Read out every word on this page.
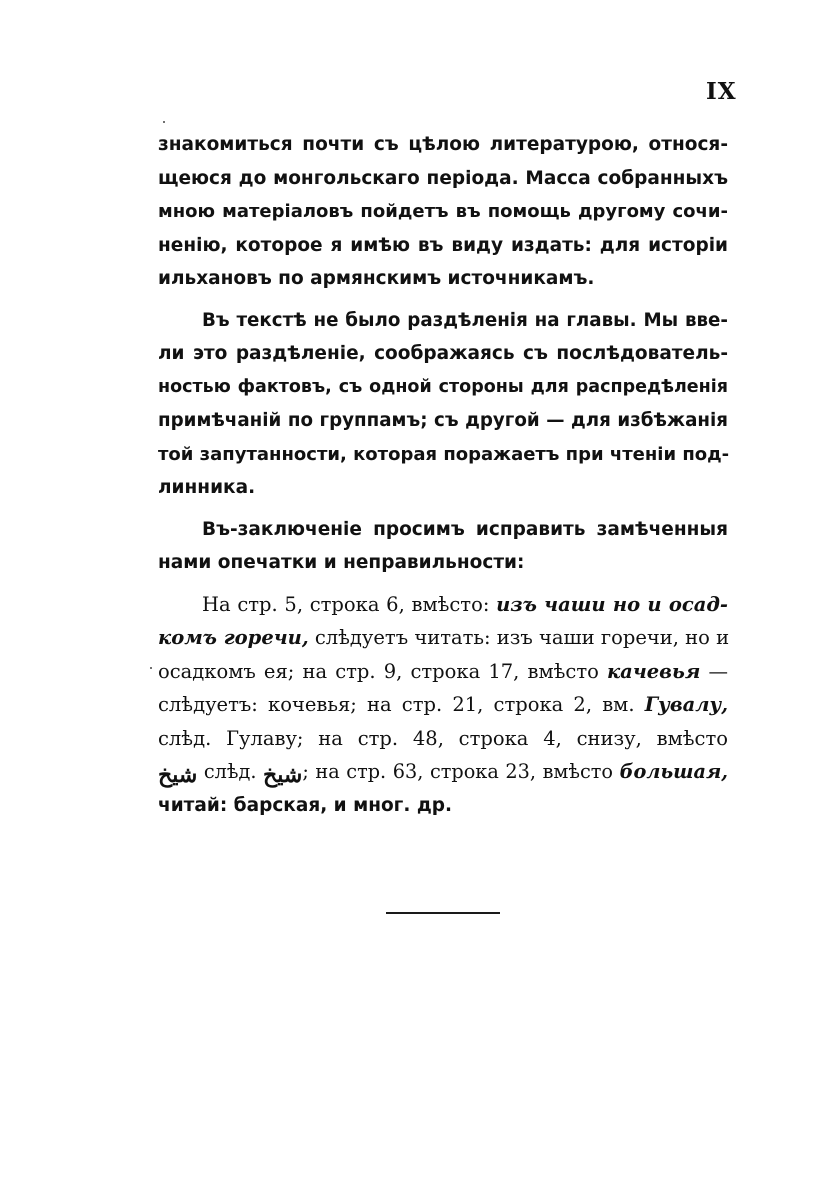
IX
знакомиться почти съ цѣлою литературою, относя-
щеюся до монгольскаго періода. Масса собранныхъ
мною матеріаловъ пойдетъ въ помощь другому сочи-
ненію, которое я имѣю въ виду издать: для исторіи
ильхановъ по армянскимъ источникамъ.
Въ текстѣ не было раздѣленія на главы. Мы вве-
ли это раздѣленіе, соображаясь съ послѣдователь-
ностью фактовъ, съ одной стороны для распредѣленія
примѣчаній по группамъ; съ другой — для избѣжанія
той запутанности, которая поражаетъ при чтеніи под-
линника.
Въ-заключеніе просимъ исправить замѣченныя
нами опечатки и неправильности:
На стр. 5, строка 6, вмѣсто: изъ чаши но и осад-
комъ горечи, слѣдуетъ читать: изъ чаши горечи, но и
осадкомъ ея; на стр. 9, строка 17, вмѣсто качевья —
слѣдуетъ: кочевья; на стр. 21, строка 2, вм. Гувалу,
слѣд. Гулаву; на стр. 48, строка 4, снизу, вмѣсто
شيخ слѣд. شيخ; на стр. 63, строка 23, вмѣсто большая,
читай: барская, и мног. др.
